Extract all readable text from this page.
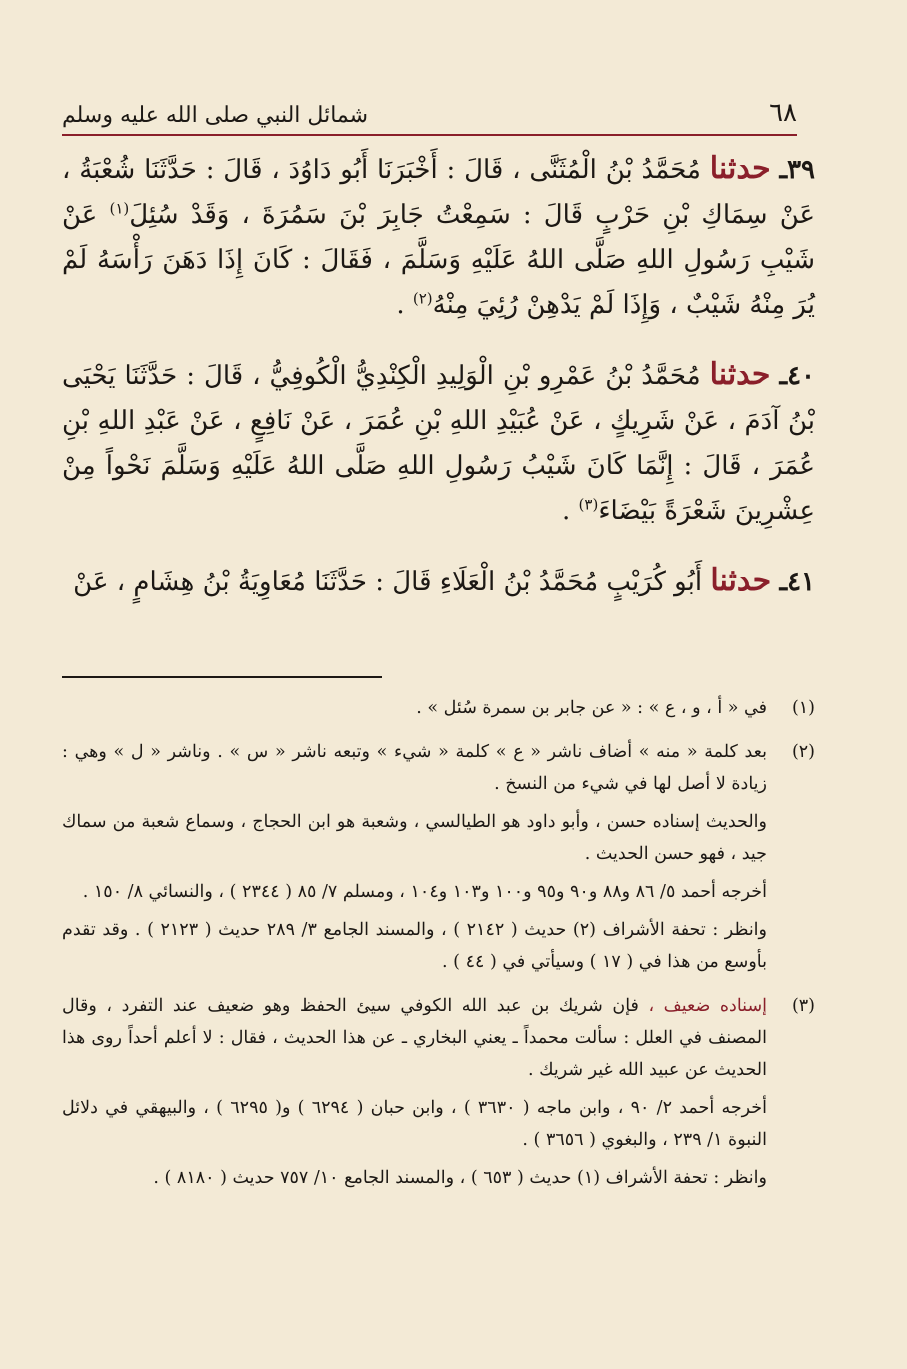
٦٨
شمائل النبي صلى الله عليه وسلم

٣٩ـ حدثنا مُحَمَّدُ بْنُ الْمُثَنَّى ، قَالَ : أَخْبَرَنَا أَبُو دَاوُدَ ، قَالَ : حَدَّثَنَا شُعْبَةُ ، عَنْ سِمَاكِ بْنِ حَرْبٍ قَالَ : سَمِعْتُ جَابِرَ بْنَ سَمُرَةَ ، وَقَدْ سُئِلَ$^{(١)}$ عَنْ شَيْبِ رَسُولِ اللهِ صَلَّى اللهُ عَلَيْهِ وَسَلَّمَ ، فَقَالَ : كَانَ إِذَا دَهَنَ رَأْسَهُ لَمْ يُرَ مِنْهُ شَيْبٌ ، وَإِذَا لَمْ يَدْهِنْ رُئِيَ مِنْهُ$^{(٢)}$ .

٤٠ـ حدثنا مُحَمَّدُ بْنُ عَمْرِو بْنِ الْوَلِيدِ الْكِنْدِيُّ الْكُوفِيُّ ، قَالَ : حَدَّثَنَا يَحْيَى بْنُ آدَمَ ، عَنْ شَرِيكٍ ، عَنْ عُبَيْدِ اللهِ بْنِ عُمَرَ ، عَنْ نَافِعٍ ، عَنْ عَبْدِ اللهِ بْنِ عُمَرَ ، قَالَ : إِنَّمَا كَانَ شَيْبُ رَسُولِ اللهِ صَلَّى اللهُ عَلَيْهِ وَسَلَّمَ نَحْواً مِنْ عِشْرِينَ شَعْرَةً بَيْضَاءَ$^{(٣)}$ .

٤١ـ حدثنا أَبُو كُرَيْبٍ مُحَمَّدُ بْنُ الْعَلَاءِ قَالَ : حَدَّثَنَا مُعَاوِيَةُ بْنُ هِشَامٍ ، عَنْ

(١)

في « أ ، و ، ع » : « عن جابر بن سمرة سُئل » .

(٢)

بعد كلمة « منه » أضاف ناشر « ع » كلمة « شيء » وتبعه ناشر « س » . وناشر « ل » وهي : زيادة لا أصل لها في شيء من النسخ .

والحديث إسناده حسن ، وأبو داود هو الطيالسي ، وشعبة هو ابن الحجاج ، وسماع شعبة من سماك جيد ، فهو حسن الحديث .

أخرجه أحمد ٥/ ٨٦ و٨٨ و٩٠ و٩٥ و١٠٠ و١٠٣ و١٠٤ ، ومسلم ٧/ ٨٥ ( ٢٣٤٤ ) ، والنسائي ٨/ ١٥٠ .

وانظر : تحفة الأشراف (٢) حديث ( ٢١٤٢ ) ، والمسند الجامع ٣/ ٢٨٩ حديث ( ٢١٢٣ ) . وقد تقدم بأوسع من هذا في ( ١٧ ) وسيأتي في ( ٤٤ ) .

(٣)

إسناده ضعيف ، فإن شريك بن عبد الله الكوفي سيئ الحفظ وهو ضعيف عند التفرد ، وقال المصنف في العلل : سألت محمداً ـ يعني البخاري ـ عن هذا الحديث ، فقال : لا أعلم أحداً روى هذا الحديث عن عبيد الله غير شريك .

أخرجه أحمد ٢/ ٩٠ ، وابن ماجه ( ٣٦٣٠ ) ، وابن حبان ( ٦٢٩٤ ) و( ٦٢٩٥ ) ، والبيهقي في دلائل النبوة ١/ ٢٣٩ ، والبغوي ( ٣٦٥٦ ) .

وانظر : تحفة الأشراف (١) حديث ( ٦٥٣ ) ، والمسند الجامع ١٠/ ٧٥٧ حديث ( ٨١٨٠ ) .
